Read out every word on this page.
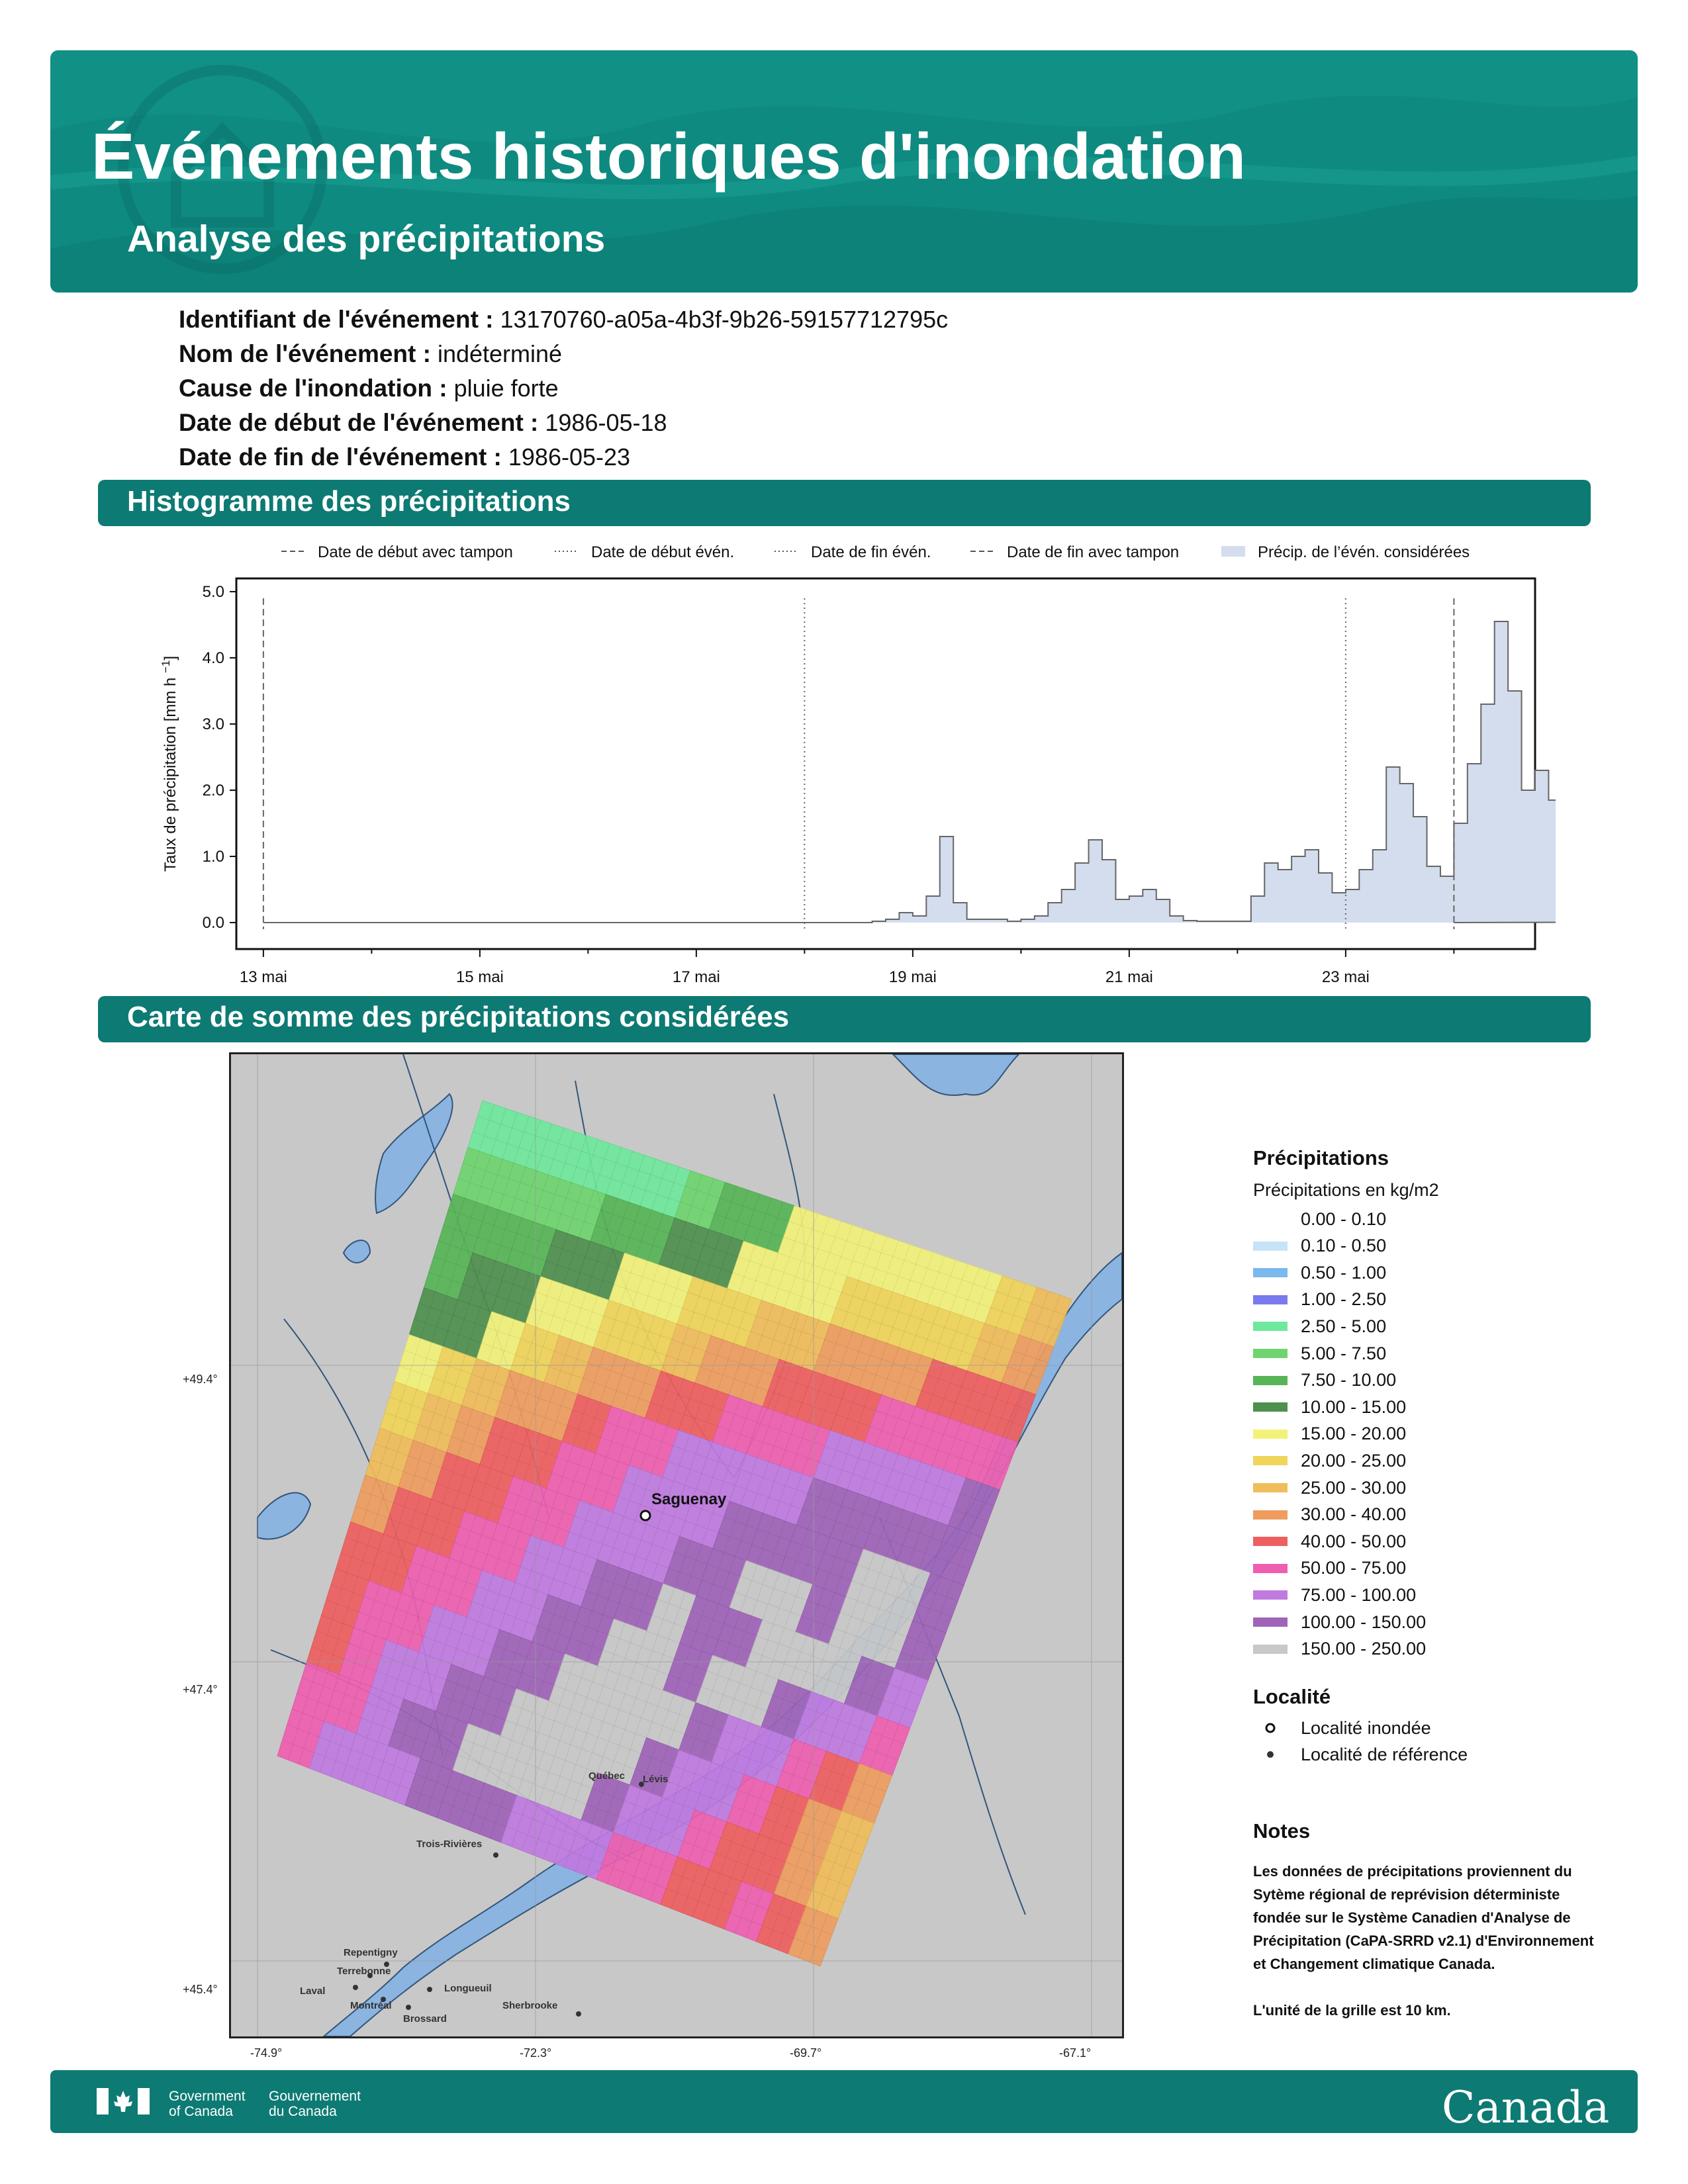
Événements historiques d'inondation
Analyse des précipitations
Identifiant de l'événement : 13170760-a05a-4b3f-9b26-59157712795c
Nom de l'événement : indéterminé
Cause de l'inondation : pluie forte
Date de début de l'événement : 1986-05-18
Date de fin de l'événement : 1986-05-23
Histogramme des précipitations
Date de début avec tampon	Date de début évén.	Date de fin évén.	Date de fin avec tampon	Précip. de l’évén. considérées
0.0
1.0
2.0
3.0
4.0
5.0
13 mai	15 mai	17 mai	19 mai	21 mai	23 mai
Taux de précipitation [mm h $^{-1}$]
Carte de somme des précipitations considérées
Saguenay
Québec Lévis
Trois-Rivières
Repentigny
Terrebonne
Laval
Montréal
Longueuil
Brossard
Sherbrooke
+49.4°
+47.4°
+45.4°
-74.9°	-72.3°	-69.7°	-67.1°
Précipitations
Précipitations en kg/m2
0.00 - 0.10
0.10 - 0.50
0.50 - 1.00
1.00 - 2.50
2.50 - 5.00
5.00 - 7.50
7.50 - 10.00
10.00 - 15.00
15.00 - 20.00
20.00 - 25.00
25.00 - 30.00
30.00 - 40.00
40.00 - 50.00
50.00 - 75.00
75.00 - 100.00
100.00 - 150.00
150.00 - 250.00
Localité
Localité inondée
Localité de référence
Notes
Les données de précipitations proviennent du Sytème régional de reprévision déterministe fondée sur le Système Canadien d'Analyse de Précipitation (CaPA-SRRD v2.1) d'Environnement et Changement climatique Canada.
L'unité de la grille est 10 km.
Government
of Canada
Gouvernement
du Canada	Canada
